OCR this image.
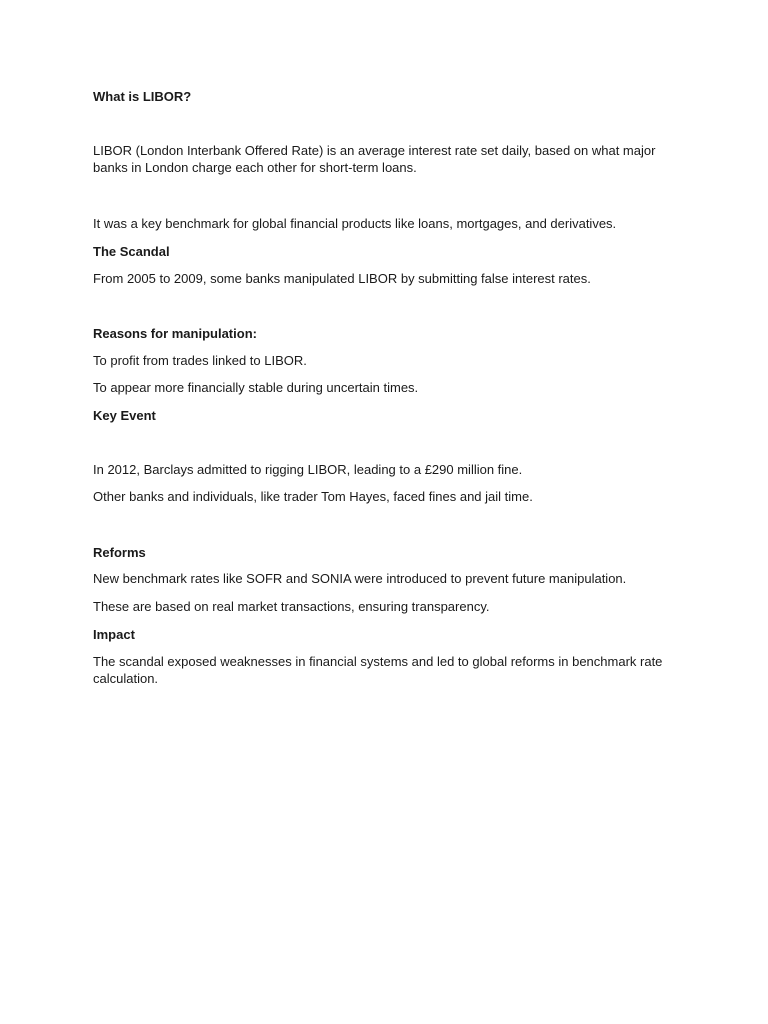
What is LIBOR?
LIBOR (London Interbank Offered Rate) is an average interest rate set daily, based on what major banks in London charge each other for short-term loans.
It was a key benchmark for global financial products like loans, mortgages, and derivatives.
The Scandal
From 2005 to 2009, some banks manipulated LIBOR by submitting false interest rates.
Reasons for manipulation:
To profit from trades linked to LIBOR.
To appear more financially stable during uncertain times.
Key Event
In 2012, Barclays admitted to rigging LIBOR, leading to a £290 million fine.
Other banks and individuals, like trader Tom Hayes, faced fines and jail time.
Reforms
New benchmark rates like SOFR and SONIA were introduced to prevent future manipulation.
These are based on real market transactions, ensuring transparency.
Impact
The scandal exposed weaknesses in financial systems and led to global reforms in benchmark rate calculation.
